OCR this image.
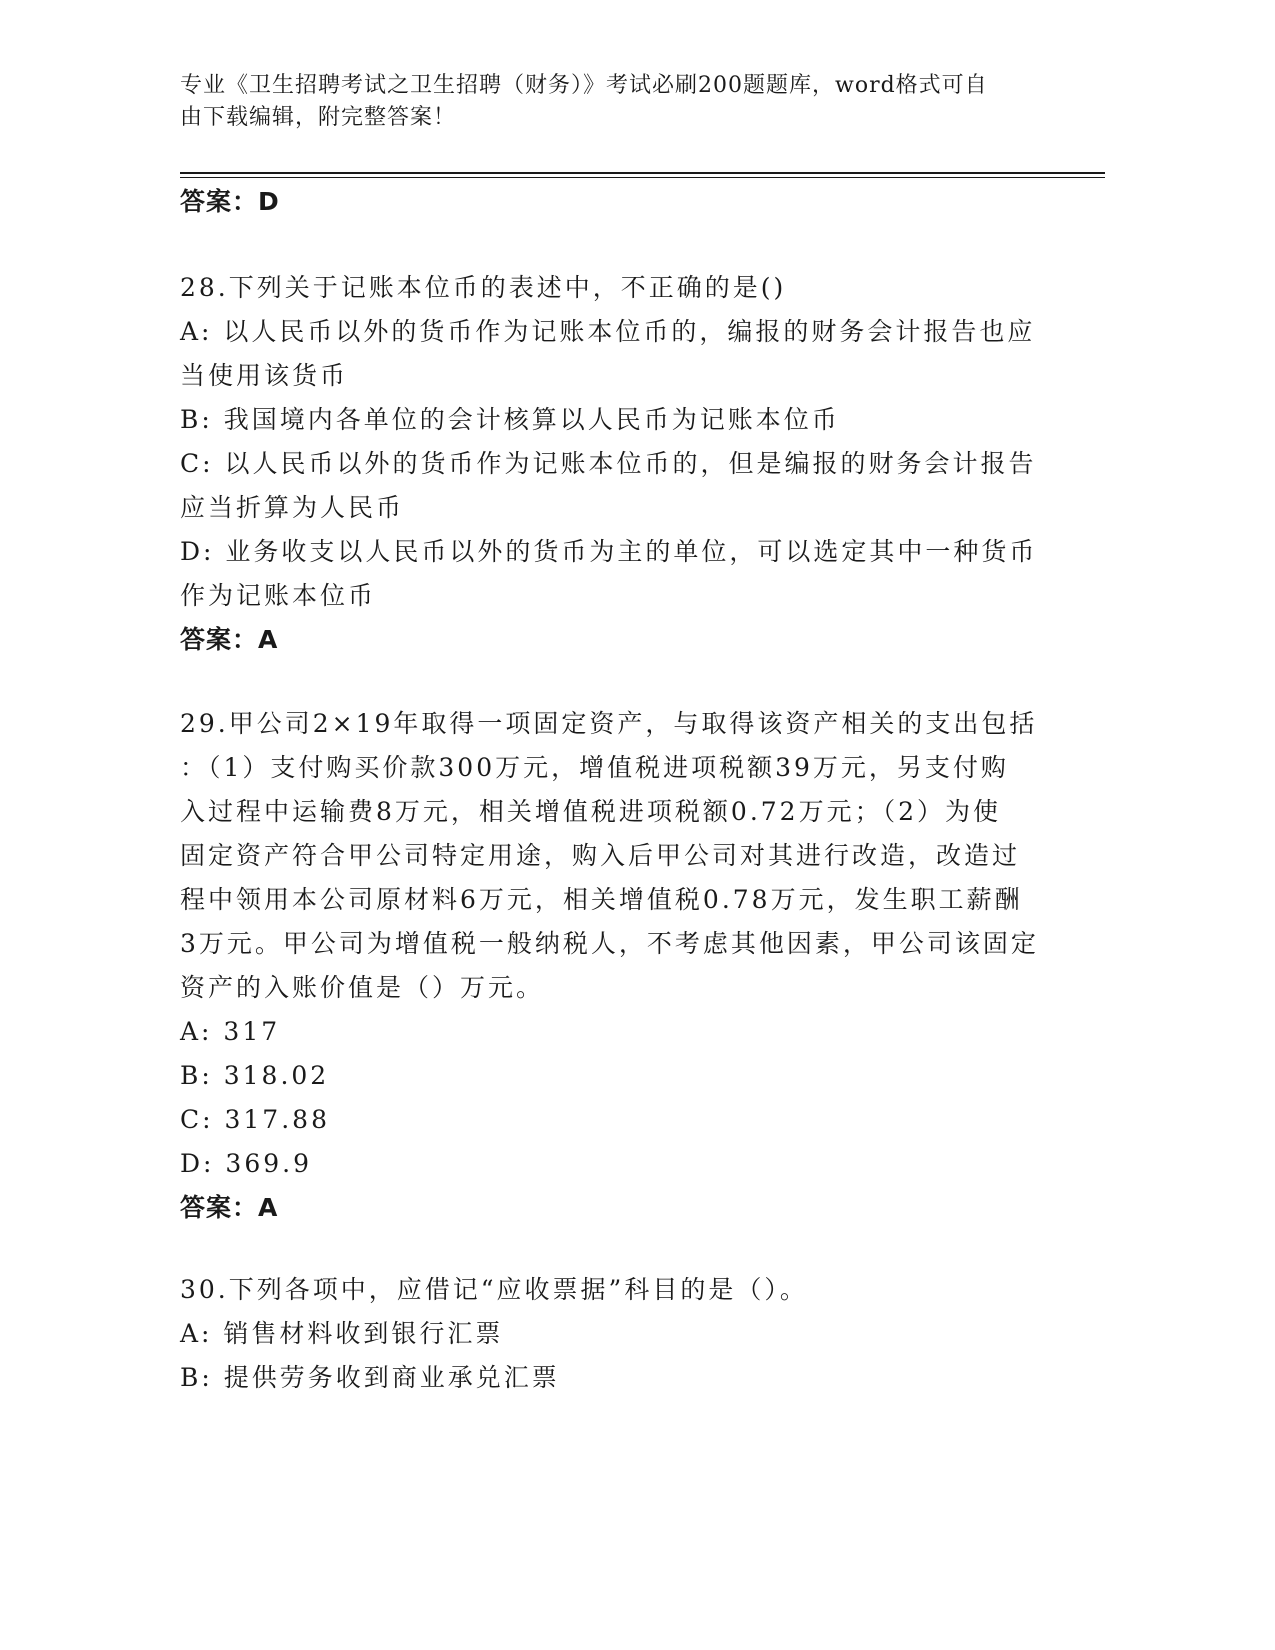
专业《卫生招聘考试之卫生招聘（财务）》考试必刷200题题库，word格式可自
由下载编辑，附完整答案！
答案：D
28.下列关于记账本位币的表述中，不正确的是()
A: 以人民币以外的货币作为记账本位币的，编报的财务会计报告也应
当使用该货币
B: 我国境内各单位的会计核算以人民币为记账本位币
C: 以人民币以外的货币作为记账本位币的，但是编报的财务会计报告
应当折算为人民币
D: 业务收支以人民币以外的货币为主的单位，可以选定其中一种货币
作为记账本位币
答案：A
29.甲公司2×19年取得一项固定资产，与取得该资产相关的支出包括
：（1）支付购买价款300万元，增值税进项税额39万元，另支付购
入过程中运输费8万元，相关增值税进项税额0.72万元；（2）为使
固定资产符合甲公司特定用途，购入后甲公司对其进行改造，改造过
程中领用本公司原材料6万元，相关增值税0.78万元，发生职工薪酬
3万元。甲公司为增值税一般纳税人，不考虑其他因素，甲公司该固定
资产的入账价值是（）万元。
A: 317
B: 318.02
C: 317.88
D: 369.9
答案：A
30.下列各项中，应借记“应收票据”科目的是（）。
A: 销售材料收到银行汇票
B: 提供劳务收到商业承兑汇票
